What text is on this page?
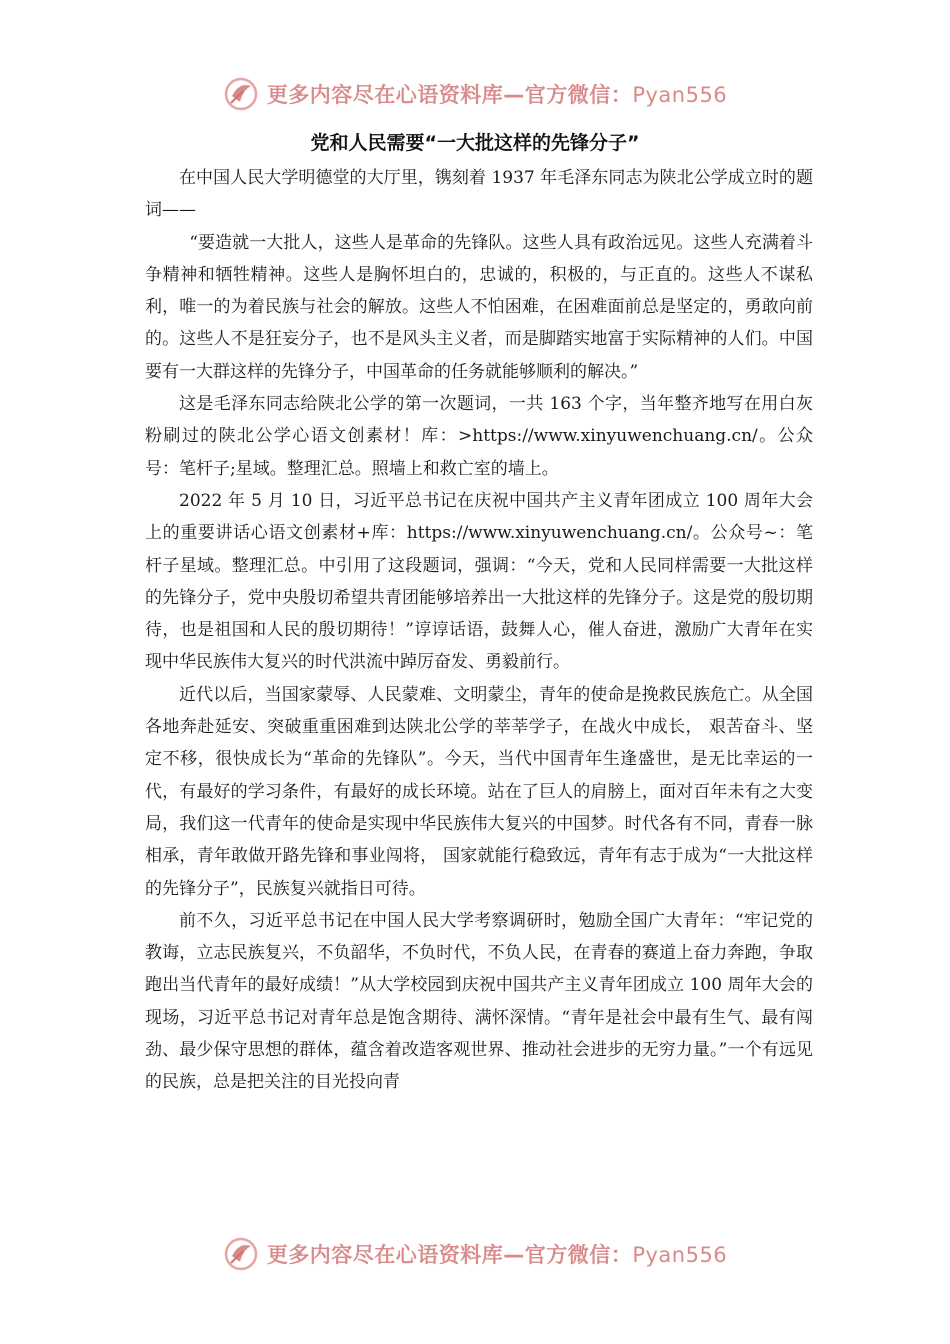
更多内容尽在心语资料库—官方微信：Pyan556
党和人民需要“一大批这样的先锋分子”

在中国人民大学明德堂的大厅里，镌刻着 1937 年毛泽东同志为陕北公学成立时的题词——

“要造就一大批人，这些人是革命的先锋队。这些人具有政治远见。这些人充满着斗争精神和牺牲精神。这些人是胸怀坦白的，忠诚的，积极的，与正直的。这些人不谋私利，唯一的为着民族与社会的解放。这些人不怕困难，在困难面前总是坚定的，勇敢向前的。这些人不是狂妄分子，也不是风头主义者，而是脚踏实地富于实际精神的人们。中国要有一大群这样的先锋分子，中国革命的任务就能够顺利的解决。”

这是毛泽东同志给陕北公学的第一次题词，一共 163 个字，当年整齐地写在用白灰粉刷过的陕北公学心语文创素材！库：>https://www.xinyuwenchuang.cn/。公众号：笔杆子;星域。整理汇总。照墙上和救亡室的墙上。

2022 年 5 月 10 日，习近平总书记在庆祝中国共产主义青年团成立 100 周年大会上的重要讲话心语文创素材+库：https://www.xinyuwenchuang.cn/。公众号~：笔杆子星域。整理汇总。中引用了这段题词，强调：“今天，党和人民同样需要一大批这样的先锋分子，党中央殷切希望共青团能够培养出一大批这样的先锋分子。这是党的殷切期待，也是祖国和人民的殷切期待！”谆谆话语，鼓舞人心，催人奋进，激励广大青年在实现中华民族伟大复兴的时代洪流中踔厉奋发、勇毅前行。

近代以后，当国家蒙辱、人民蒙难、文明蒙尘，青年的使命是挽救民族危亡。从全国各地奔赴延安、突破重重困难到达陕北公学的莘莘学子，在战火中成长， 艰苦奋斗、坚定不移，很快成长为“革命的先锋队”。今天，当代中国青年生逢盛世，是无比幸运的一代，有最好的学习条件，有最好的成长环境。站在了巨人的肩膀上，面对百年未有之大变局，我们这一代青年的使命是实现中华民族伟大复兴的中国梦。时代各有不同，青春一脉相承，青年敢做开路先锋和事业闯将， 国家就能行稳致远，青年有志于成为“一大批这样的先锋分子”，民族复兴就指日可待。

前不久，习近平总书记在中国人民大学考察调研时，勉励全国广大青年：“牢记党的教诲，立志民族复兴，不负韶华，不负时代，不负人民，在青春的赛道上奋力奔跑，争取跑出当代青年的最好成绩！”从大学校园到庆祝中国共产主义青年团成立 100 周年大会的现场，习近平总书记对青年总是饱含期待、满怀深情。“青年是社会中最有生气、最有闯劲、最少保守思想的群体，蕴含着改造客观世界、推动社会进步的无穷力量。”一个有远见的民族，总是把关注的目光投向青

更多内容尽在心语资料库—官方微信：Pyan556
